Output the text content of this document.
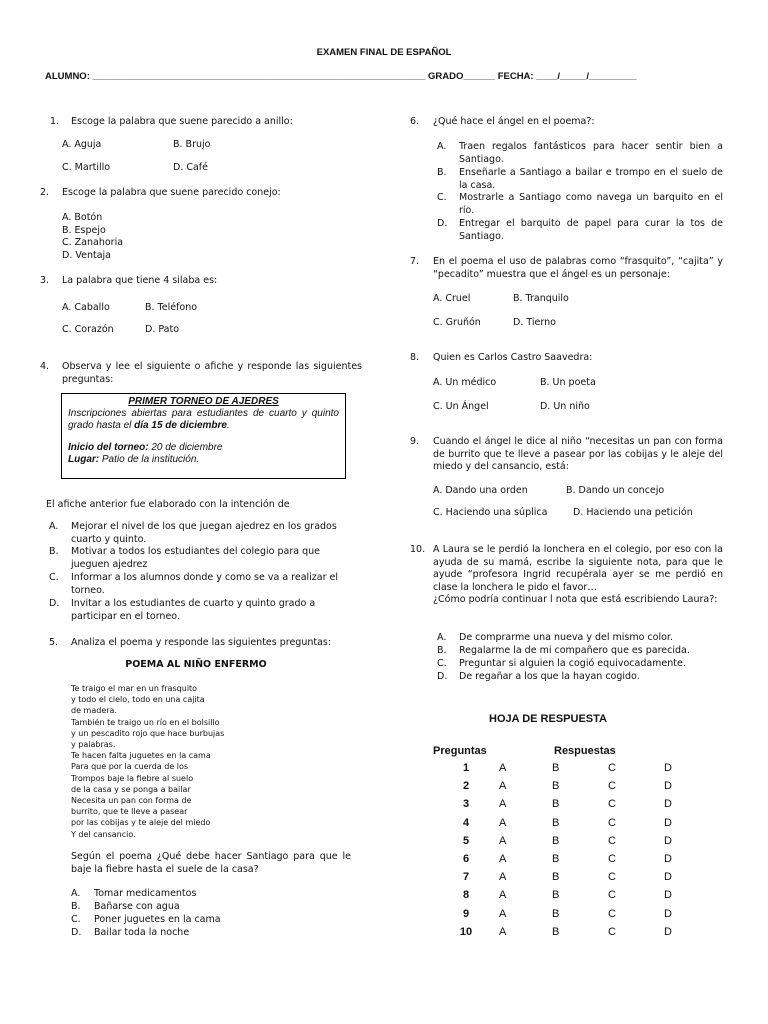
EXAMEN FINAL DE ESPAÑOL
ALUMNO: _______________________________________________________________ GRADO______ FECHA: ____/_____/_________
1. Escoge la palabra que suene parecido a anillo:
A. Aguja	B. Brujo
C. Martillo	D. Café
2. Escoge la palabra que suene parecido conejo:
A. Botón
B. Espejo
C. Zanahoria
D. Ventaja
3. La palabra que tiene 4 silaba es:
A. Caballo	B. Teléfono
C. Corazón	D. Pato
4. Observa y lee el siguiente o afiche y responde las siguientes preguntas:
PRIMER TORNEO DE AJEDRES
Inscripciones abiertas para estudiantes de cuarto y quinto grado hasta el día 15 de diciembre.
Inicio del torneo: 20 de diciembre
Lugar: Patio de la institución.
El afiche anterior fue elaborado con la intención de
A. Mejorar el nivel de los que juegan ajedrez en los grados cuarto y quinto.
B. Motivar a todos los estudiantes del colegio para que jueguen ajedrez
C. Informar a los alumnos donde y como se va a realizar el torneo.
D. Invitar a los estudiantes de cuarto y quinto grado a participar en el torneo.
5. Analiza el poema y responde las siguientes preguntas:
POEMA AL NIÑO ENFERMO
Te traigo el mar en un frasquito
y todo el cielo, todo en una cajita
de madera.
También te traigo un río en el bolsillo
y un pescadito rojo que hace burbujas
y palabras.
Te hacen falta juguetes en la cama
Para que por la cuerda de los
Trompos baje la fiebre al suelo
de la casa y se ponga a bailar
Necesita un pan con forma de
burrito, que te lleve a pasear
por las cobijas y te aleje del miedo
Y del cansancio.
Según el poema ¿Qué debe hacer Santiago para que le baje la fiebre hasta el suele de la casa?
A. Tomar medicamentos
B. Bañarse con agua
C. Poner juguetes en la cama
D. Bailar toda la noche
6. ¿Qué hace el ángel en el poema?:
A. Traen regalos fantásticos para hacer sentir bien a Santiago.
B. Enseñarle a Santiago a bailar e trompo en el suelo de la casa.
C. Mostrarle a Santiago como navega un barquito en el río.
D. Entregar el barquito de papel para curar la tos de Santiago.
7. En el poema el uso de palabras como “frasquito”, “cajita” y “pecadito” muestra que el ángel es un personaje:
A. Cruel	B. Tranquilo
C. Gruñón	D. Tierno
8. Quien es Carlos Castro Saavedra:
A. Un médico	B. Un poeta
C. Un Ángel	D. Un niño
9. Cuando el ángel le dice al niño “necesitas un pan con forma de burrito que te lleve a pasear por las cobijas y le aleje del miedo y del cansancio, está:
A. Dando una orden	B. Dando un concejo
C. Haciendo una súplica	D. Haciendo una petición
10. A Laura se le perdió la lonchera en el colegio, por eso con la ayuda de su mamá, escribe la siguiente nota, para que le ayude “profesora Ingrid recupérala ayer se me perdió en clase la lonchera le pido el favor…
¿Cómo podría continuar l nota que está escribiendo Laura?:
A. De comprarme una nueva y del mismo color.
B. Regalarme la de mi compañero que es parecida.
C. Preguntar si alguien la cogió equivocadamente.
D. De regañar a los que la hayan cogido.
HOJA DE RESPUESTA
Preguntas		Respuestas		
1	A	B	C	D
2	A	B	C	D
3	A	B	C	D
4	A	B	C	D
5	A	B	C	D
6	A	B	C	D
7	A	B	C	D
8	A	B	C	D
9	A	B	C	D
10	A	B	C	D
